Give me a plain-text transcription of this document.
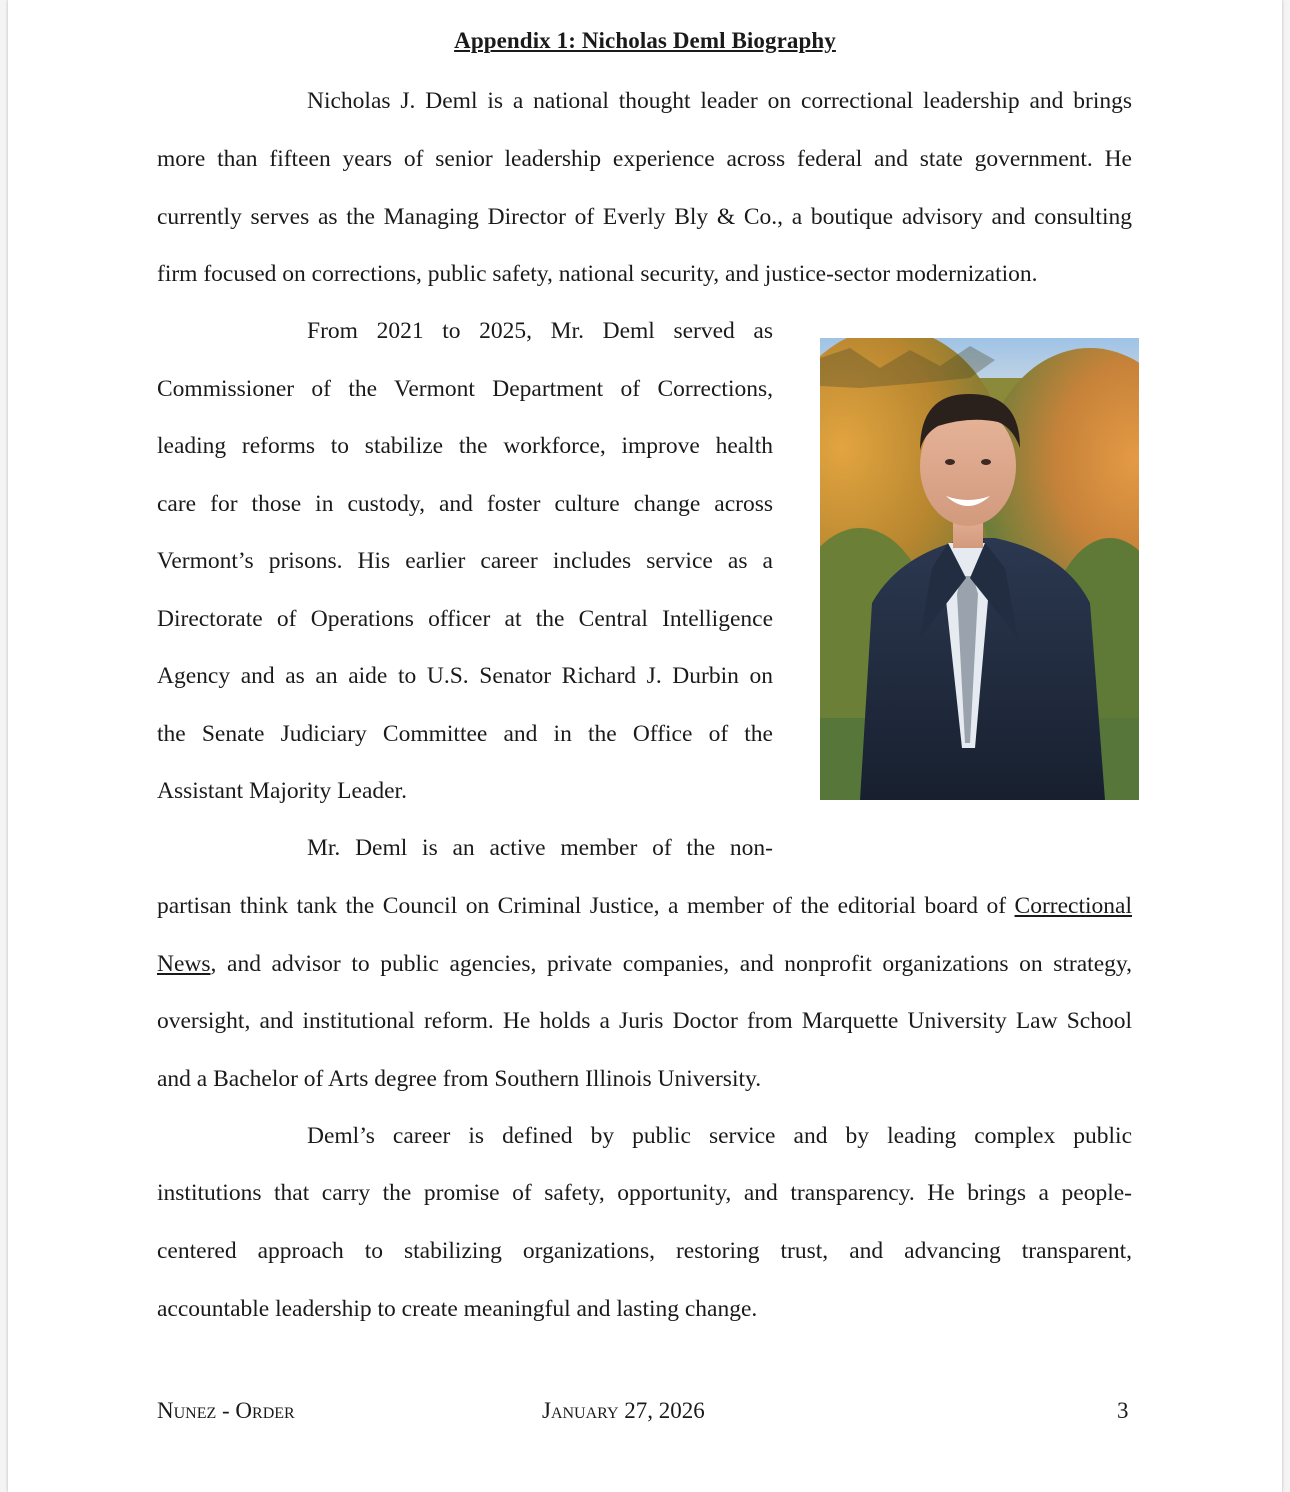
Appendix 1: Nicholas Deml Biography
Nicholas J. Deml is a national thought leader on correctional leadership and brings
more than fifteen years of senior leadership experience across federal and state government. He
currently serves as the Managing Director of Everly Bly & Co., a boutique advisory and consulting
firm focused on corrections, public safety, national security, and justice-sector modernization.
From 2021 to 2025, Mr. Deml served as
Commissioner of the Vermont Department of Corrections,
leading reforms to stabilize the workforce, improve health
care for those in custody, and foster culture change across
Vermont’s prisons. His earlier career includes service as a
Directorate of Operations officer at the Central Intelligence
Agency and as an aide to U.S. Senator Richard J. Durbin on
the Senate Judiciary Committee and in the Office of the
Assistant Majority Leader.
Mr. Deml is an active member of the non-
partisan think tank the Council on Criminal Justice, a member of the editorial board of Correctional
News, and advisor to public agencies, private companies, and nonprofit organizations on strategy,
oversight, and institutional reform. He holds a Juris Doctor from Marquette University Law School
and a Bachelor of Arts degree from Southern Illinois University.
Deml’s career is defined by public service and by leading complex public
institutions that carry the promise of safety, opportunity, and transparency. He brings a people-
centered approach to stabilizing organizations, restoring trust, and advancing transparent,
accountable leadership to create meaningful and lasting change.
Nunez - Order	January 27, 2026	3
